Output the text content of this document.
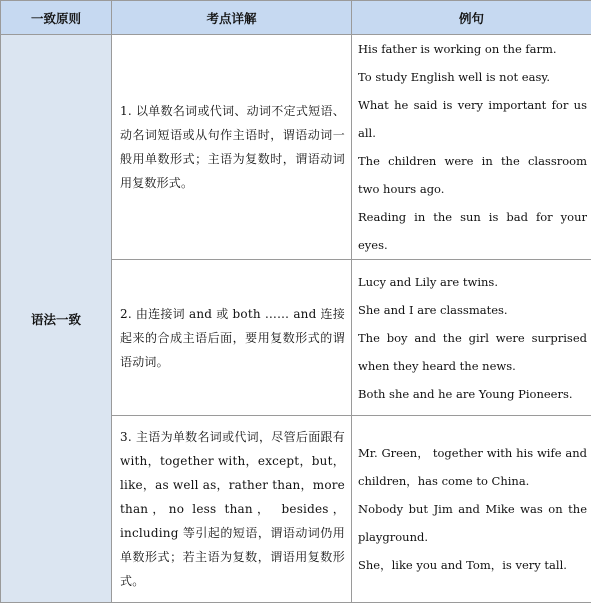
一致原则	考点详解	例句
语法一致	1. 以单数名词或代词、动词不定式短语、动名词短语或从句作主语时，谓语动词一般用单数形式；主语为复数时，谓语动词用复数形式。	His father is working on the farm.
To study English well is not easy.
What he said is very important for us all.
The children were in the classroom two hours ago.
Reading in the sun is bad for your eyes.

	2. 由连接词 and 或 both …… and 连接起来的合成主语后面，要用复数形式的谓语动词。	Lucy and Lily are twins.
She and I are classmates.
The boy and the girl were surprised when they heard the news.
Both she and he are Young Pioneers.

	3. 主语为单数名词或代词，尽管后面跟有 with，together with，except，but，like，as well as，rather than，more than，no less than， besides，including 等引起的短语，谓语动词仍用单数形式；若主语为复数，谓语用复数形式。	Mr. Green， together with his wife and children，has come to China.
Nobody but Jim and Mike was on the playground.
She，like you and Tom，is very tall.
